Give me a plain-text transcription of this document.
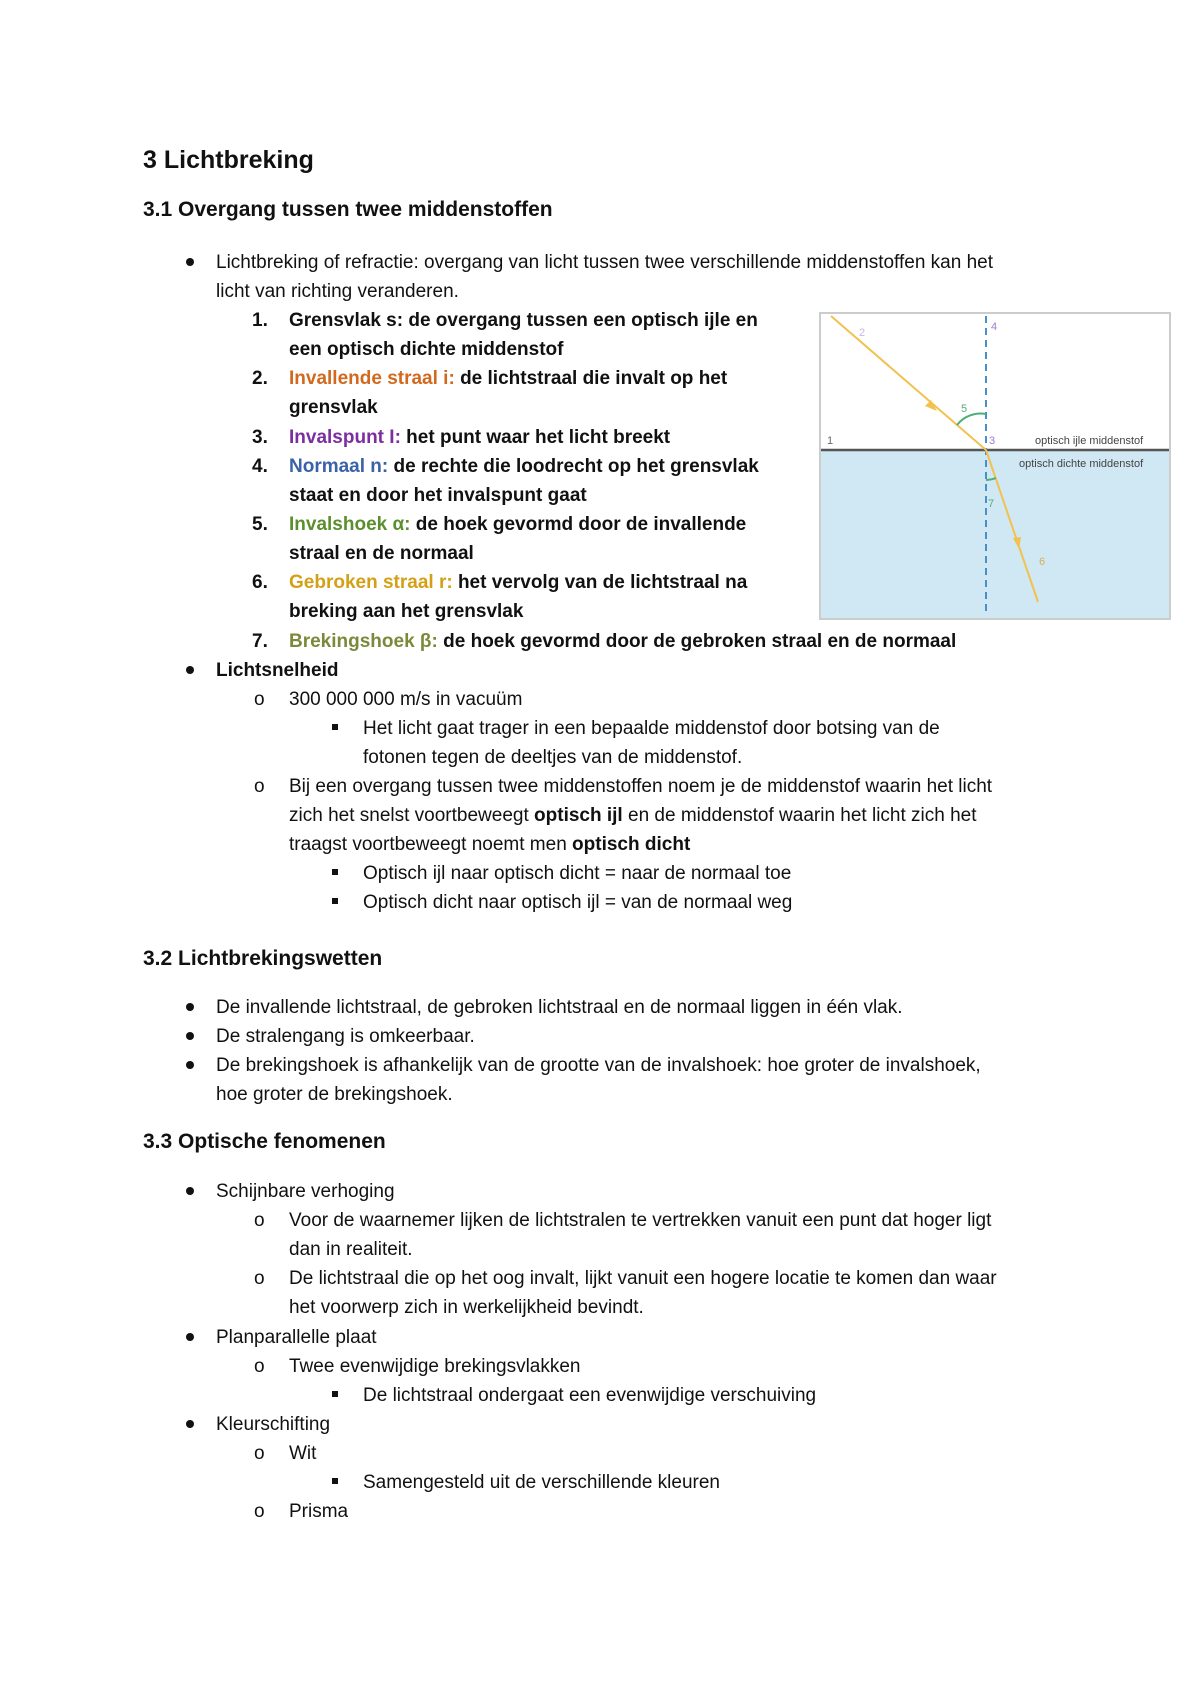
3 Lichtbreking
3.1 Overgang tussen twee middenstoffen

Lichtbreking of refractie: overgang van licht tussen twee verschillende middenstoffen kan het

licht van richting veranderen.

1. Grensvlak s: de overgang tussen een optisch ijle en

een optisch dichte middenstof

2. Invallende straal i: de lichtstraal die invalt op het

grensvlak

3. Invalspunt I: het punt waar het licht breekt

4. Normaal n: de rechte die loodrecht op het grensvlak

staat en door het invalspunt gaat

5. Invalshoek α: de hoek gevormd door de invallende

straal en de normaal

6. Gebroken straal r: het vervolg van de lichtstraal na

breking aan het grensvlak

7. Brekingshoek β: de hoek gevormd door de gebroken straal en de normaal

1
2
3
4
5
6
7
optisch ijle middenstof
optisch dichte middenstof

Lichtsnelheid

o 300 000 000 m/s in vacuüm

Het licht gaat trager in een bepaalde middenstof door botsing van de

fotonen tegen de deeltjes van de middenstof.

o Bij een overgang tussen twee middenstoffen noem je de middenstof waarin het licht

zich het snelst voortbeweegt optisch ijl en de middenstof waarin het licht zich het

traagst voortbeweegt noemt men optisch dicht

Optisch ijl naar optisch dicht = naar de normaal toe

Optisch dicht naar optisch ijl = van de normaal weg

3.2 Lichtbrekingswetten

De invallende lichtstraal, de gebroken lichtstraal en de normaal liggen in één vlak.

De stralengang is omkeerbaar.

De brekingshoek is afhankelijk van de grootte van de invalshoek: hoe groter de invalshoek,

hoe groter de brekingshoek.

3.3 Optische fenomenen

Schijnbare verhoging

o Voor de waarnemer lijken de lichtstralen te vertrekken vanuit een punt dat hoger ligt

dan in realiteit.

o De lichtstraal die op het oog invalt, lijkt vanuit een hogere locatie te komen dan waar

het voorwerp zich in werkelijkheid bevindt.

Planparallelle plaat

o Twee evenwijdige brekingsvlakken

De lichtstraal ondergaat een evenwijdige verschuiving

Kleurschifting

o Wit

Samengesteld uit de verschillende kleuren

o Prisma
